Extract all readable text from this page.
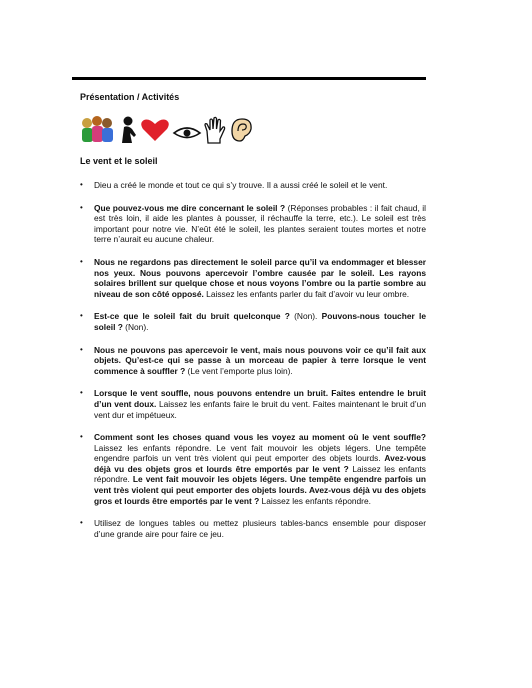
Présentation / Activités
Le vent et le soleil
• Dieu a créé le monde et tout ce qui s’y trouve. Il a aussi créé le soleil et le vent.
• Que pouvez-vous me dire concernant le soleil ? (Réponses probables : il fait chaud, il est très loin, il aide les plantes à pousser, il réchauffe la terre, etc.). Le soleil est très important pour notre vie. N’eût été le soleil, les plantes seraient toutes mortes et notre terre n’aurait eu aucune chaleur.
• Nous ne regardons pas directement le soleil parce qu’il va endommager et blesser nos yeux. Nous pouvons apercevoir l’ombre causée par le soleil. Les rayons solaires brillent sur quelque chose et nous voyons l’ombre ou la partie sombre au niveau de son côté opposé. Laissez les enfants parler du fait d’avoir vu leur ombre.
• Est-ce que le soleil fait du bruit quelconque ? (Non). Pouvons-nous toucher le soleil ? (Non).
• Nous ne pouvons pas apercevoir le vent, mais nous pouvons voir ce qu’il fait aux objets. Qu’est-ce qui se passe à un morceau de papier à terre lorsque le vent commence à souffler ? (Le vent l’emporte plus loin).
• Lorsque le vent souffle, nous pouvons entendre un bruit. Faites entendre le bruit d’un vent doux. Laissez les enfants faire le bruit du vent. Faites maintenant le bruit d’un vent dur et impétueux.
• Comment sont les choses quand vous les voyez au moment où le vent souffle? Laissez les enfants répondre. Le vent fait mouvoir les objets légers. Une tempête engendre parfois un vent très violent qui peut emporter des objets lourds. Avez-vous déjà vu des objets gros et lourds être emportés par le vent ? Laissez les enfants répondre. Le vent fait mouvoir les objets légers. Une tempête engendre parfois un vent très violent qui peut emporter des objets lourds. Avez-vous déjà vu des objets gros et lourds être emportés par le vent ? Laissez les enfants répondre.
• Utilisez de longues tables ou mettez plusieurs tables-bancs ensemble pour disposer d’une grande aire pour faire ce jeu.
